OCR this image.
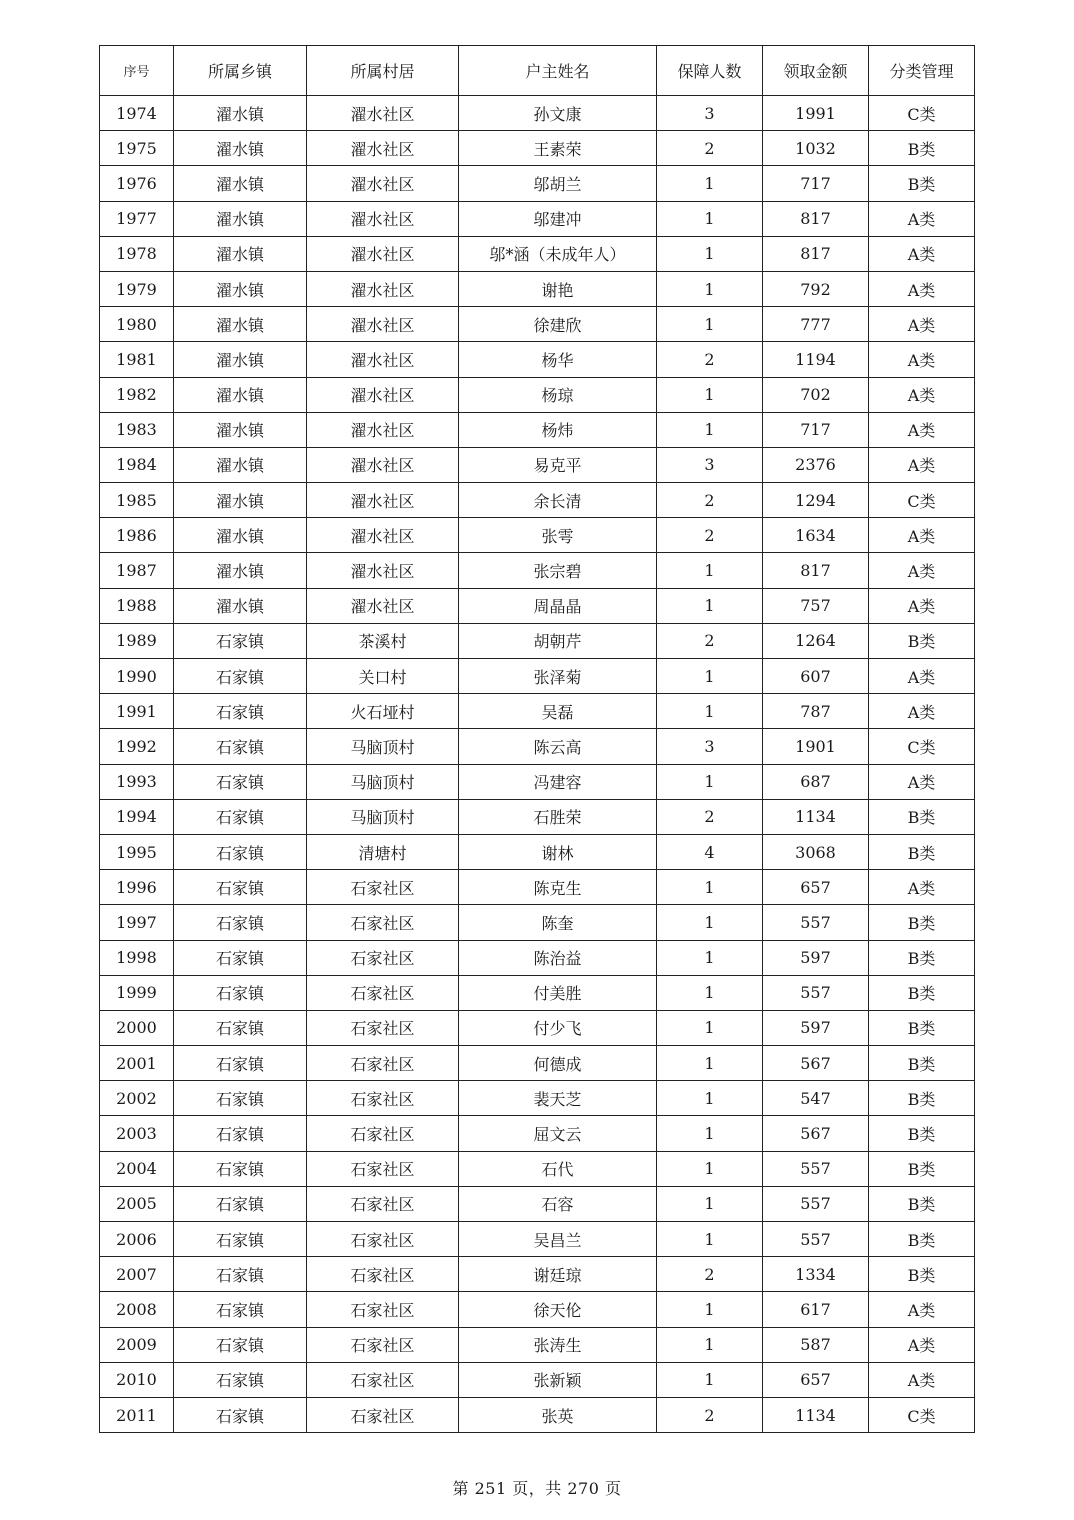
序号	所属乡镇	所属村居	户主姓名	保障人数	领取金额	分类管理
1974	濯水镇	濯水社区	孙文康	3	1991	C类
1975	濯水镇	濯水社区	王素荣	2	1032	B类
1976	濯水镇	濯水社区	邬胡兰	1	717	B类
1977	濯水镇	濯水社区	邬建冲	1	817	A类
1978	濯水镇	濯水社区	邬*涵（未成年人）	1	817	A类
1979	濯水镇	濯水社区	谢艳	1	792	A类
1980	濯水镇	濯水社区	徐建欣	1	777	A类
1981	濯水镇	濯水社区	杨华	2	1194	A类
1982	濯水镇	濯水社区	杨琼	1	702	A类
1983	濯水镇	濯水社区	杨炜	1	717	A类
1984	濯水镇	濯水社区	易克平	3	2376	A类
1985	濯水镇	濯水社区	余长清	2	1294	C类
1986	濯水镇	濯水社区	张雩	2	1634	A类
1987	濯水镇	濯水社区	张宗碧	1	817	A类
1988	濯水镇	濯水社区	周晶晶	1	757	A类
1989	石家镇	茶溪村	胡朝芹	2	1264	B类
1990	石家镇	关口村	张泽菊	1	607	A类
1991	石家镇	火石垭村	吴磊	1	787	A类
1992	石家镇	马脑顶村	陈云高	3	1901	C类
1993	石家镇	马脑顶村	冯建容	1	687	A类
1994	石家镇	马脑顶村	石胜荣	2	1134	B类
1995	石家镇	清塘村	谢林	4	3068	B类
1996	石家镇	石家社区	陈克生	1	657	A类
1997	石家镇	石家社区	陈奎	1	557	B类
1998	石家镇	石家社区	陈治益	1	597	B类
1999	石家镇	石家社区	付美胜	1	557	B类
2000	石家镇	石家社区	付少飞	1	597	B类
2001	石家镇	石家社区	何德成	1	567	B类
2002	石家镇	石家社区	裴天芝	1	547	B类
2003	石家镇	石家社区	屈文云	1	567	B类
2004	石家镇	石家社区	石代	1	557	B类
2005	石家镇	石家社区	石容	1	557	B类
2006	石家镇	石家社区	吴昌兰	1	557	B类
2007	石家镇	石家社区	谢廷琼	2	1334	B类
2008	石家镇	石家社区	徐天伦	1	617	A类
2009	石家镇	石家社区	张涛生	1	587	A类
2010	石家镇	石家社区	张新颖	1	657	A类
2011	石家镇	石家社区	张英	2	1134	C类
第 251 页，共 270 页
